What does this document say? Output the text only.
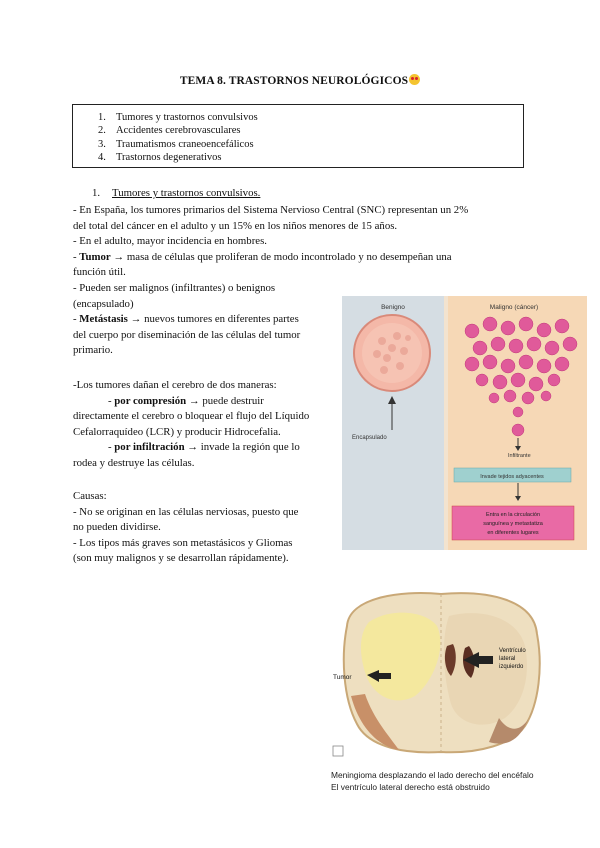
TEMA 8. TRASTORNOS NEUROLÓGICOS
1. Tumores y trastornos convulsivos
2. Accidentes cerebrovasculares
3. Traumatismos craneoencefálicos
4. Trastornos degenerativos
1. Tumores y trastornos convulsivos.
- En España, los tumores primarios del Sistema Nervioso Central (SNC) representan un 2%
del total del cáncer en el adulto y un 15% en los niños menores de 15 años.
- En el adulto, mayor incidencia en hombres.
- Tumor → masa de células que proliferan de modo incontrolado y no desempeñan una
función útil.
- Pueden ser malignos (infiltrantes) o benignos
(encapsulado)
- Metástasis → nuevos tumores en diferentes partes
del cuerpo por diseminación de las células del tumor
primario.
-Los tumores dañan el cerebro de dos maneras:
- por compresión → puede destruir
directamente el cerebro o bloquear el flujo del Líquido
Cefalorraquídeo (LCR) y producir Hidrocefalia.
- por infiltración → invade la región que lo
rodea y destruye las células.
Causas:
- No se originan en las células nerviosas, puesto que
no pueden dividirse.
- Los tipos más graves son metastásicos y Gliomas
(son muy malignos y se desarrollan rápidamente).
Benigno	Maligno (cáncer)
Encapsulado
Infiltrante
Invade tejidos adyacentes
Entra en la circulación
sanguínea y metastatiza
en diferentes lugares
Tumor
Ventrículo
lateral
izquierdo
Meningioma desplazando el lado derecho del encéfalo
El ventrículo lateral derecho está obstruido
